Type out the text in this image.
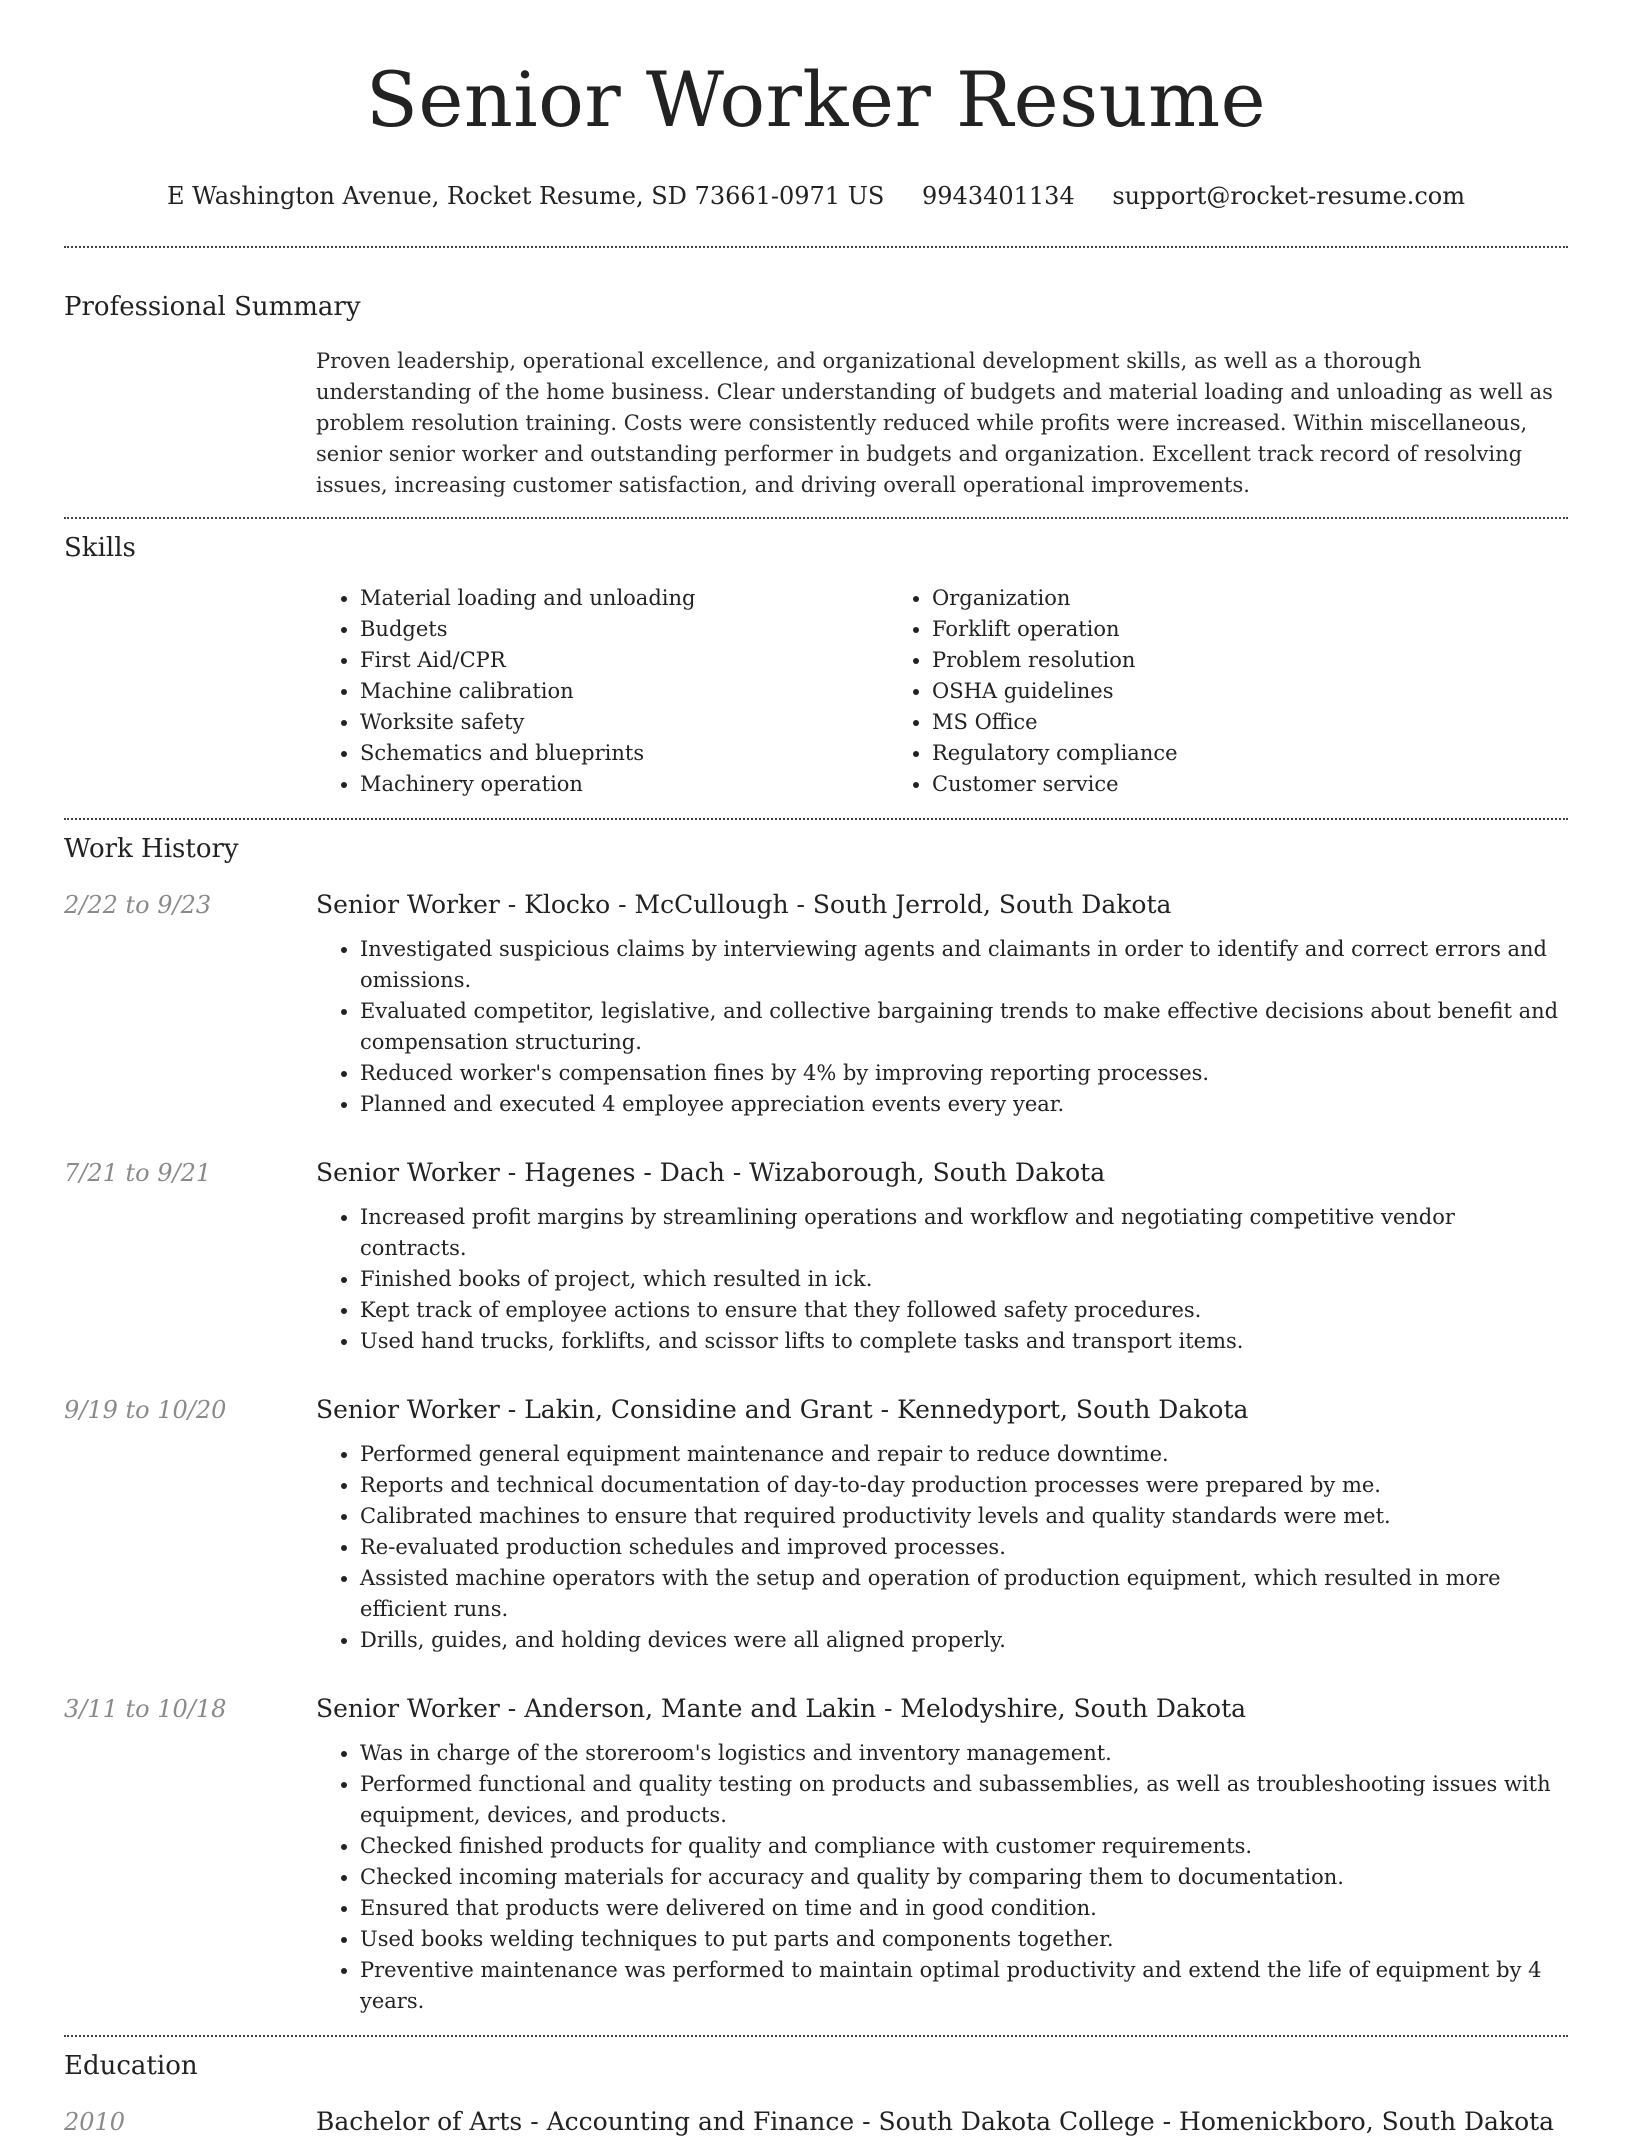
Senior Worker Resume
E Washington Avenue, Rocket Resume, SD 73661-0971 US 9943401134 support@rocket-resume.com
Professional Summary
Proven leadership, operational excellence, and organizational development skills, as well as a thorough understanding of the home business. Clear understanding of budgets and material loading and unloading as well as problem resolution training. Costs were consistently reduced while profits were increased. Within miscellaneous, senior senior worker and outstanding performer in budgets and organization. Excellent track record of resolving issues, increasing customer satisfaction, and driving overall operational improvements.
Skills
• Material loading and unloading
• Budgets
• First Aid/CPR
• Machine calibration
• Worksite safety
• Schematics and blueprints
• Machinery operation
• Organization
• Forklift operation
• Problem resolution
• OSHA guidelines
• MS Office
• Regulatory compliance
• Customer service
Work History
2/22 to 9/23	Senior Worker - Klocko - McCullough - South Jerrold, South Dakota
• Investigated suspicious claims by interviewing agents and claimants in order to identify and correct errors and omissions.
• Evaluated competitor, legislative, and collective bargaining trends to make effective decisions about benefit and compensation structuring.
• Reduced worker's compensation fines by 4% by improving reporting processes.
• Planned and executed 4 employee appreciation events every year.
7/21 to 9/21	Senior Worker - Hagenes - Dach - Wizaborough, South Dakota
• Increased profit margins by streamlining operations and workflow and negotiating competitive vendor contracts.
• Finished books of project, which resulted in ick.
• Kept track of employee actions to ensure that they followed safety procedures.
• Used hand trucks, forklifts, and scissor lifts to complete tasks and transport items.
9/19 to 10/20	Senior Worker - Lakin, Considine and Grant - Kennedyport, South Dakota
• Performed general equipment maintenance and repair to reduce downtime.
• Reports and technical documentation of day-to-day production processes were prepared by me.
• Calibrated machines to ensure that required productivity levels and quality standards were met.
• Re-evaluated production schedules and improved processes.
• Assisted machine operators with the setup and operation of production equipment, which resulted in more efficient runs.
• Drills, guides, and holding devices were all aligned properly.
3/11 to 10/18	Senior Worker - Anderson, Mante and Lakin - Melodyshire, South Dakota
• Was in charge of the storeroom's logistics and inventory management.
• Performed functional and quality testing on products and subassemblies, as well as troubleshooting issues with equipment, devices, and products.
• Checked finished products for quality and compliance with customer requirements.
• Checked incoming materials for accuracy and quality by comparing them to documentation.
• Ensured that products were delivered on time and in good condition.
• Used books welding techniques to put parts and components together.
• Preventive maintenance was performed to maintain optimal productivity and extend the life of equipment by 4 years.
Education
2010	Bachelor of Arts - Accounting and Finance - South Dakota College - Homenickboro, South Dakota
